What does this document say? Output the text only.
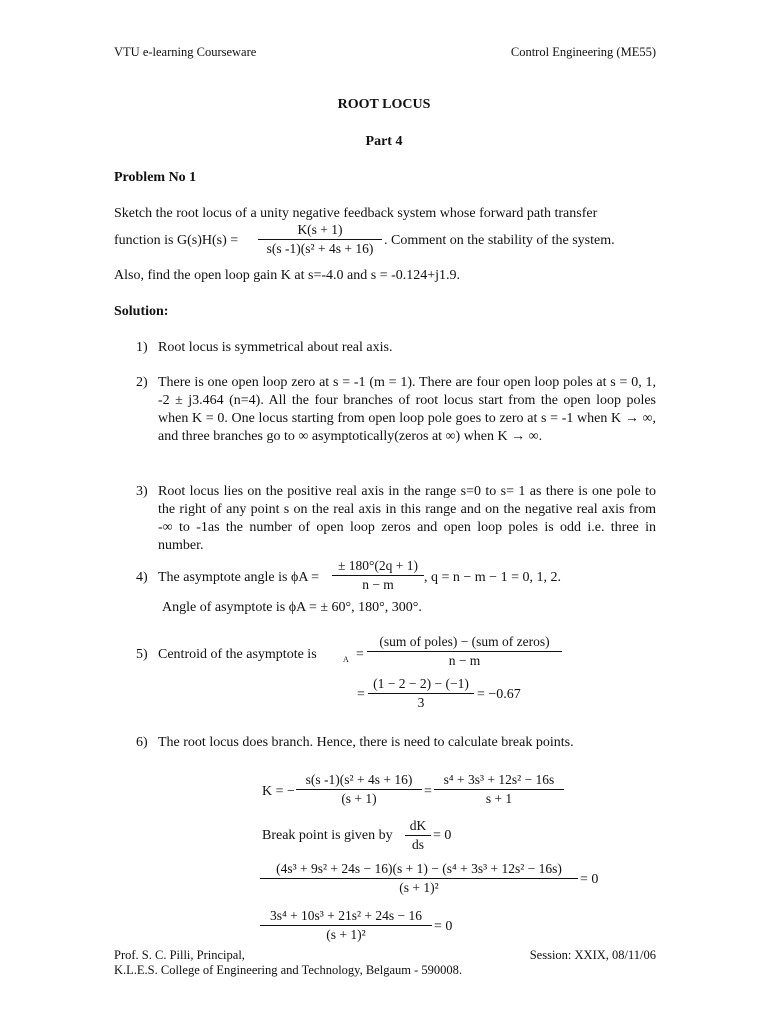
VTU e-learning Courseware	Control Engineering (ME55)
ROOT LOCUS
Part 4
Problem No 1
Sketch the root locus of a unity negative feedback system whose forward path transfer
function is $G(s)H(s) = \frac{K(s + 1)}{\text{s(s -1)(s² + 4s + 16)}}$ . Comment on the stability of the system.
Also, find the open loop gain K at s=-4.0 and s = -0.124+j1.9.
Solution:
1) Root locus is symmetrical about real axis.
2) There is one open loop zero at s = -1 (m = 1). There are four open loop poles at s = 0, 1, -2 ± j3.464 (n=4). All the four branches of root locus start from the open loop poles when K = 0. One locus starting from open loop pole goes to zero at s = -1 when K → ∞, and three branches go to ∞ asymptotically(zeros at ∞) when K → ∞.
3) Root locus lies on the positive real axis in the range s=0 to s= 1 as there is one pole to the right of any point s on the real axis in this range and on the negative real axis from -∞ to -1as the number of open loop zeros and open loop poles is odd i.e. three in number.
4) The asymptote angle is $\phi A = \frac{\pm 180^\circ(2q + 1)}{n - m}$ , q = n − m − 1 = 0, 1, 2.
Angle of asymptote is ϕA = ± 60°, 180°, 300°.
5) Centroid of the asymptote is	A =
(sum of poles) − (sum of zeros)
n − m
= $\frac{(1 - 2 - 2) - (-1)}{3} = -0.67$
6) The root locus does branch. Hence, there is need to calculate break points.
K = − $\frac{\text{s(s -1)(s² + 4s + 16)}}{(s + 1)} = \frac{\text{s⁴ + 3s³ + 12s² − 16s}}{s + 1}$
Break point is given by $\frac{dK}{ds} = 0$
$\frac{\text{(4s³ + 9s² + 24s − 16)(s + 1) − (s⁴ + 3s³ + 12s² − 16s)}}{\text{(s + 1)²}} = 0$
$\frac{\text{3s⁴ + 10s³ + 21s² + 24s − 16}}{\text{(s + 1)²}} = 0$
Prof. S. C. Pilli, Principal,
K.L.E.S. College of Engineering and Technology, Belgaum - 590008.
Session: XXIX, 08/11/06
